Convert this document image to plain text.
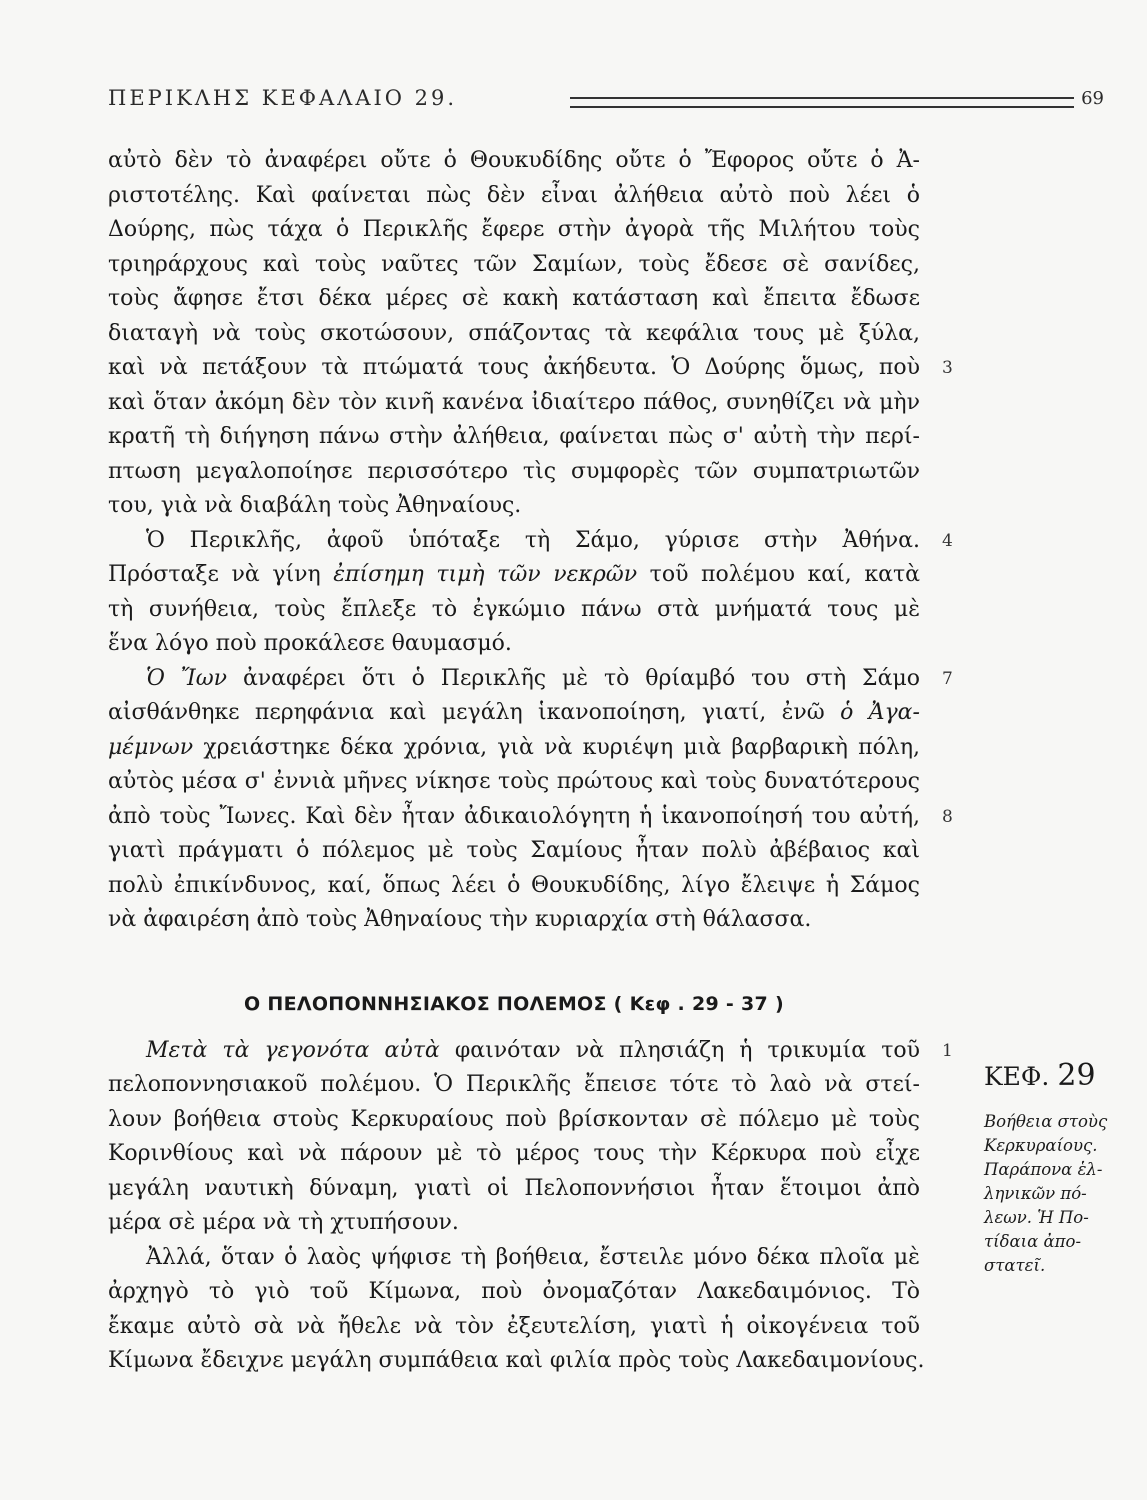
ΠΕΡΙΚΛΗΣ ΚΕΦΑΛΑΙΟ 29.	69
αὐτὸ δὲν τὸ ἀναφέρει οὔτε ὁ Θουκυδίδης οὔτε ὁ Ἔφορος οὔτε ὁ Ἀ-
ριστοτέλης. Καὶ φαίνεται πὼς δὲν εἶναι ἀλήθεια αὐτὸ ποὺ λέει ὁ
Δούρης, πὼς τάχα ὁ Περικλῆς ἔφερε στὴν ἀγορὰ τῆς Μιλήτου τοὺς
τριηράρχους καὶ τοὺς ναῦτες τῶν Σαμίων, τοὺς ἔδεσε σὲ σανίδες,
τοὺς ἄφησε ἔτσι δέκα μέρες σὲ κακὴ κατάσταση καὶ ἔπειτα ἔδωσε
διαταγὴ νὰ τοὺς σκοτώσουν, σπάζοντας τὰ κεφάλια τους μὲ ξύλα,
καὶ νὰ πετάξουν τὰ πτώματά τους ἀκήδευτα. Ὁ Δούρης ὅμως, ποὺ 3
καὶ ὅταν ἀκόμη δὲν τὸν κινῆ κανένα ἰδιαίτερο πάθος, συνηθίζει νὰ μὴν
κρατῆ τὴ διήγηση πάνω στὴν ἀλήθεια, φαίνεται πὼς σ' αὐτὴ τὴν περί-
πτωση μεγαλοποίησε περισσότερο τὶς συμφορὲς τῶν συμπατριωτῶν
του, γιὰ νὰ διαβάλη τοὺς Ἀθηναίους.
Ὁ Περικλῆς, ἀφοῦ ὑπόταξε τὴ Σάμο, γύρισε στὴν Ἀθήνα. 4
Πρόσταξε νὰ γίνη ἐπίσημη τιμὴ τῶν νεκρῶν τοῦ πολέμου καί, κατὰ
τὴ συνήθεια, τοὺς ἔπλεξε τὸ ἐγκώμιο πάνω στὰ μνήματά τους μὲ
ἕνα λόγο ποὺ προκάλεσε θαυμασμό.
Ὁ Ἴων ἀναφέρει ὅτι ὁ Περικλῆς μὲ τὸ θρίαμβό του στὴ Σάμο 7
αἰσθάνθηκε περηφάνια καὶ μεγάλη ἱκανοποίηση, γιατί, ἐνῶ ὁ Ἀγα-
μέμνων χρειάστηκε δέκα χρόνια, γιὰ νὰ κυριέψη μιὰ βαρβαρικὴ πόλη,
αὐτὸς μέσα σ' ἐννιὰ μῆνες νίκησε τοὺς πρώτους καὶ τοὺς δυνατότερους
ἀπὸ τοὺς Ἴωνες. Καὶ δὲν ἦταν ἀδικαιολόγητη ἡ ἱκανοποίησή του αὐτή, 8
γιατὶ πράγματι ὁ πόλεμος μὲ τοὺς Σαμίους ἦταν πολὺ ἀβέβαιος καὶ
πολὺ ἐπικίνδυνος, καί, ὅπως λέει ὁ Θουκυδίδης, λίγο ἔλειψε ἡ Σάμος
νὰ ἀφαιρέση ἀπὸ τοὺς Ἀθηναίους τὴν κυριαρχία στὴ θάλασσα.
Ο ΠΕΛΟΠΟΝΝΗΣΙΑΚΟΣ ΠΟΛΕΜΟΣ ( Κεφ . 29 - 37 )
Μετὰ τὰ γεγονότα αὐτὰ φαινόταν νὰ πλησιάζη ἡ τρικυμία τοῦ 1
πελοποννησιακοῦ πολέμου. Ὁ Περικλῆς ἔπεισε τότε τὸ λαὸ νὰ στεί-
λουν βοήθεια στοὺς Κερκυραίους ποὺ βρίσκονταν σὲ πόλεμο μὲ τοὺς
Κορινθίους καὶ νὰ πάρουν μὲ τὸ μέρος τους τὴν Κέρκυρα ποὺ εἶχε
μεγάλη ναυτικὴ δύναμη, γιατὶ οἱ Πελοποννήσιοι ἦταν ἕτοιμοι ἀπὸ
μέρα σὲ μέρα νὰ τὴ χτυπήσουν.
Ἀλλά, ὅταν ὁ λαὸς ψήφισε τὴ βοήθεια, ἔστειλε μόνο δέκα πλοῖα μὲ
ἀρχηγὸ τὸ γιὸ τοῦ Κίμωνα, ποὺ ὀνομαζόταν Λακεδαιμόνιος. Τὸ
ἔκαμε αὐτὸ σὰ νὰ ἤθελε νὰ τὸν ἐξευτελίση, γιατὶ ἡ οἰκογένεια τοῦ
Κίμωνα ἔδειχνε μεγάλη συμπάθεια καὶ φιλία πρὸς τοὺς Λακεδαιμονίους.
ΚΕΦ. 29
Βοήθεια στοὺς
Κερκυραίους.
Παράπονα ἑλ-
ληνικῶν πό-
λεων. Ἡ Πο-
τίδαια ἀπο-
στατεῖ.
